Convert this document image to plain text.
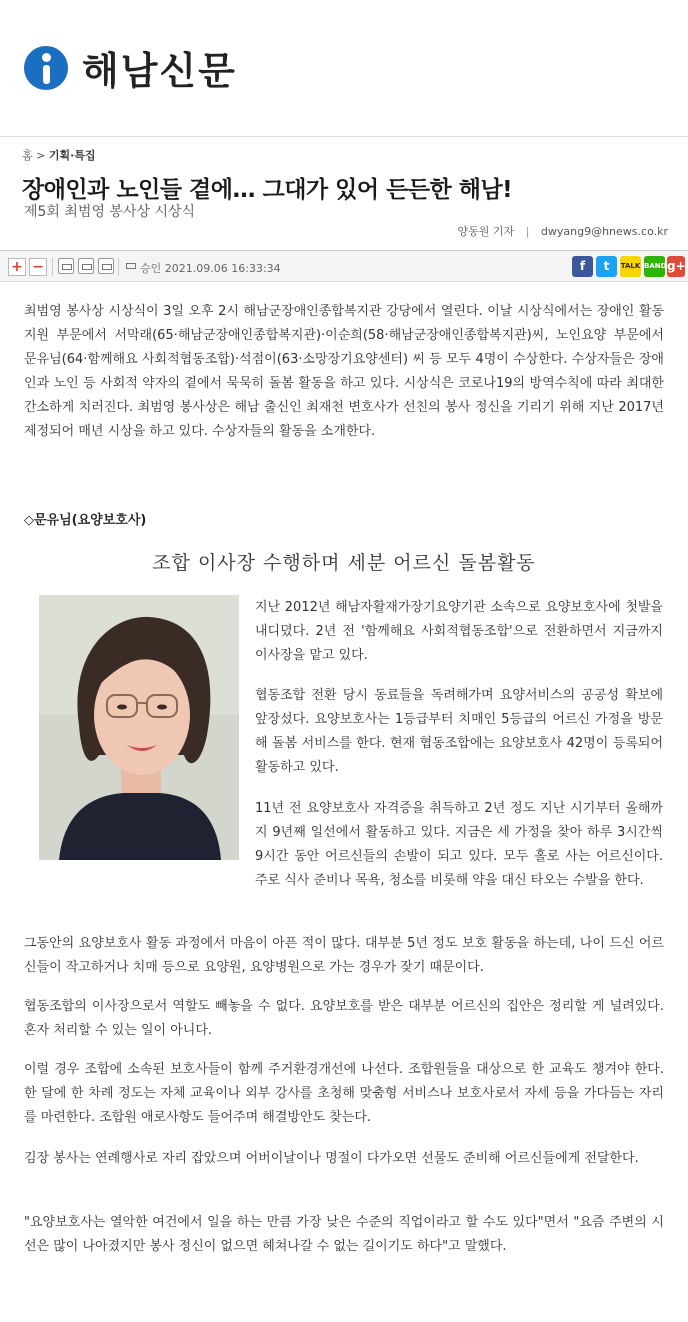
해남신문
홈 > 기획·특집
장애인과 노인들 곁에… 그대가 있어 든든한 해남!
제5회 최범영 봉사상 시상식
양동원 기자 | dwyang9@hnews.co.kr
+ −	승인 2021.09.06 16:33:34	f	t	TALK BAND g+

최범영 봉사상 시상식이 3일 오후 2시 해남군장애인종합복지관 강당에서 열린다. 이날 시상식에서는 장애인 활동지원 부문에서 서막래(65·해남군장애인종합복지관)·이순희(58·해남군장애인종합복지관)씨, 노인요양 부문에서 문유님(64·함께해요 사회적협동조합)·석점이(63·소망장기요양센터) 씨 등 모두 4명이 수상한다. 수상자들은 장애인과 노인 등 사회적 약자의 곁에서 묵묵히 돌봄 활동을 하고 있다. 시상식은 코로나19의 방역수칙에 따라 최대한 간소하게 치러진다. 최범영 봉사상은 해남 출신인 최재천 변호사가 선친의 봉사 정신을 기리기 위해 지난 2017년 제정되어 매년 시상을 하고 있다. 수상자들의 활동을 소개한다.

◇문유님(요양보호사)
조합 이사장 수행하며 세분 어르신 돌봄활동

지난 2012년 해남자활재가장기요양기관 소속으로 요양보호사에 첫발을 내디뎠다. 2년 전 '함께해요 사회적협동조합'으로 전환하면서 지금까지 이사장을 맡고 있다.

협동조합 전환 당시 동료들을 독려해가며 요양서비스의 공공성 확보에 앞장섰다. 요양보호사는 1등급부터 치매인 5등급의 어르신 가정을 방문해 돌봄 서비스를 한다. 현재 협동조합에는 요양보호사 42명이 등록되어 활동하고 있다.

11년 전 요양보호사 자격증을 취득하고 2년 정도 지난 시기부터 올해까지 9년째 일선에서 활동하고 있다. 지금은 세 가정을 찾아 하루 3시간씩 9시간 동안 어르신들의 손발이 되고 있다. 모두 홀로 사는 어르신이다. 주로 식사 준비나 목욕, 청소를 비롯해 약을 대신 타오는 수발을 한다.

그동안의 요양보호사 활동 과정에서 마음이 아픈 적이 많다. 대부분 5년 정도 보호 활동을 하는데, 나이 드신 어르신들이 작고하거나 치매 등으로 요양원, 요양병원으로 가는 경우가 잦기 때문이다.

협동조합의 이사장으로서 역할도 빼놓을 수 없다. 요양보호를 받은 대부분 어르신의 집안은 정리할 게 널려있다. 혼자 처리할 수 있는 일이 아니다.

이럴 경우 조합에 소속된 보호사들이 함께 주거환경개선에 나선다. 조합원들을 대상으로 한 교육도 챙겨야 한다. 한 달에 한 차례 정도는 자체 교육이나 외부 강사를 초청해 맞춤형 서비스나 보호사로서 자세 등을 가다듬는 자리를 마련한다. 조합원 애로사항도 들어주며 해결방안도 찾는다.

김장 봉사는 연례행사로 자리 잡았으며 어버이날이나 명절이 다가오면 선물도 준비해 어르신들에게 전달한다.

"요양보호사는 열악한 여건에서 일을 하는 만큼 가장 낮은 수준의 직업이라고 할 수도 있다"면서 "요즘 주변의 시선은 많이 나아졌지만 봉사 정신이 없으면 헤쳐나갈 수 없는 길이기도 하다"고 말했다.
